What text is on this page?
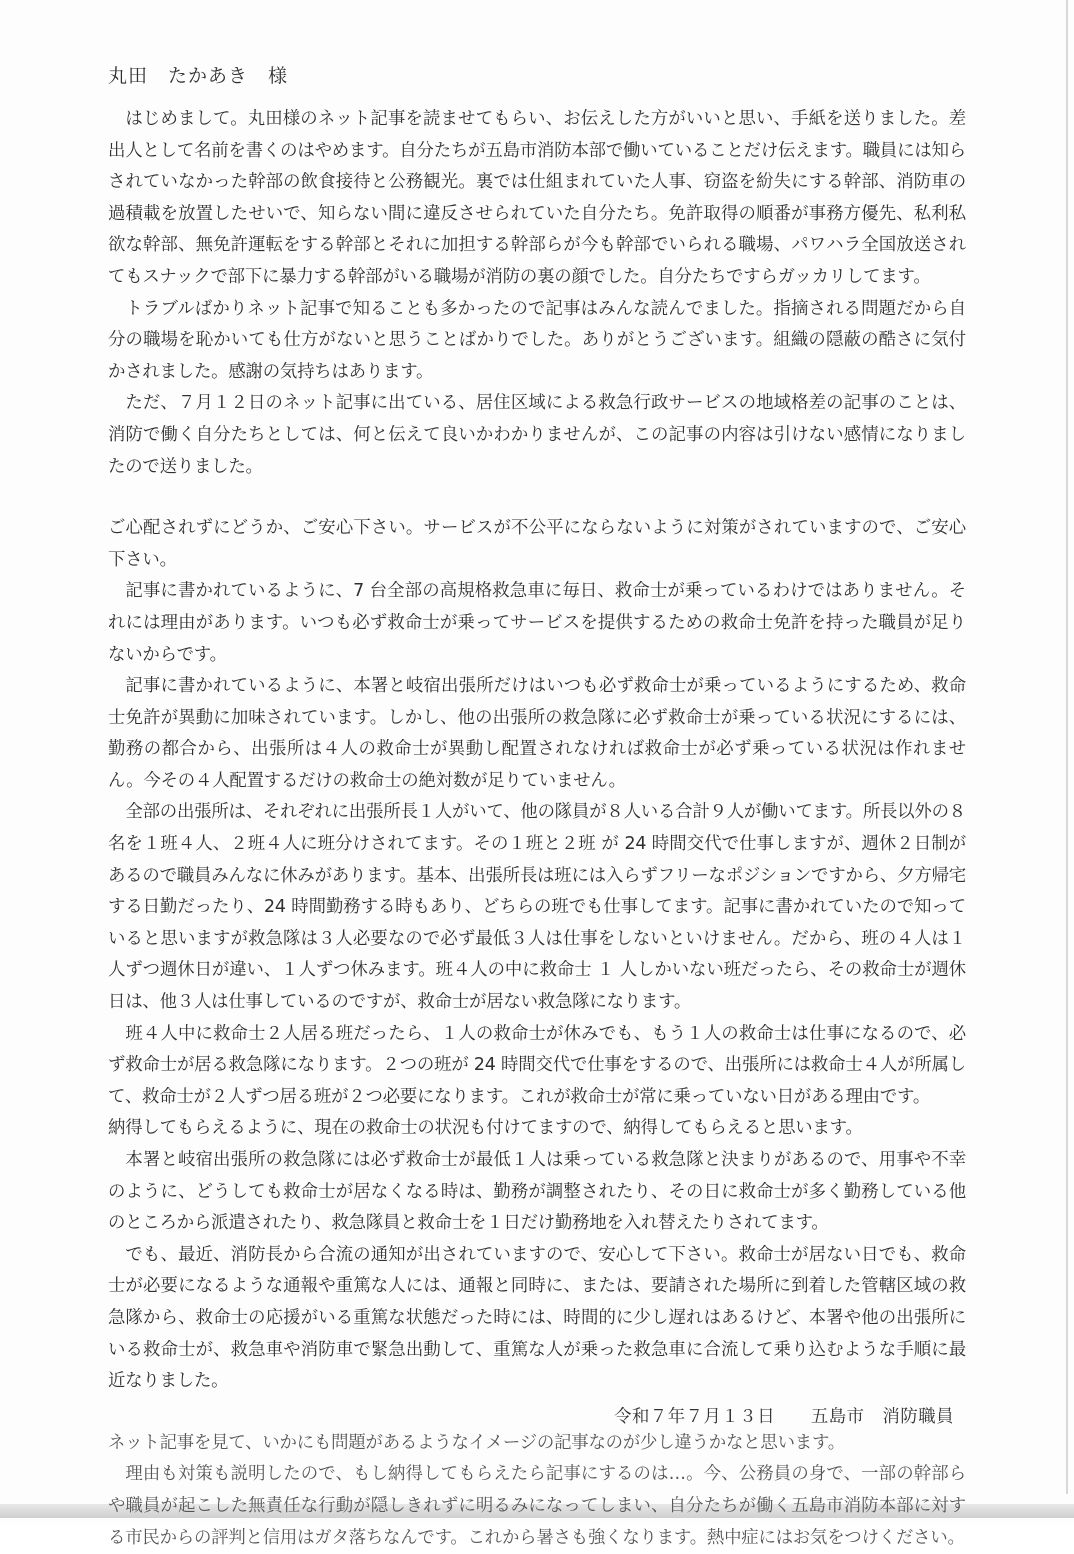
丸田　たかあき　様

はじめまして。丸田様のネット記事を読ませてもらい、お伝えした方がいいと思い、手紙を送りました。差出人として名前を書くのはやめます。自分たちが五島市消防本部で働いていることだけ伝えます。職員には知らされていなかった幹部の飲食接待と公務観光。裏では仕組まれていた人事、窃盗を紛失にする幹部、消防車の過積載を放置したせいで、知らない間に違反させられていた自分たち。免許取得の順番が事務方優先、私利私欲な幹部、無免許運転をする幹部とそれに加担する幹部らが今も幹部でいられる職場、パワハラ全国放送されてもスナックで部下に暴力する幹部がいる職場が消防の裏の顔でした。自分たちですらガッカリしてます。

トラブルばかりネット記事で知ることも多かったので記事はみんな読んでました。指摘される問題だから自分の職場を恥かいても仕方がないと思うことばかりでした。ありがとうございます。組織の隠蔽の酷さに気付かされました。感謝の気持ちはあります。

ただ、７月１２日のネット記事に出ている、居住区域による救急行政サービスの地域格差の記事のことは、消防で働く自分たちとしては、何と伝えて良いかわかりませんが、この記事の内容は引けない感情になりましたので送りました。

ご心配されずにどうか、ご安心下さい。サービスが不公平にならないように対策がされていますので、ご安心下さい。

記事に書かれているように、7 台全部の高規格救急車に毎日、救命士が乗っているわけではありません。それには理由があります。いつも必ず救命士が乗ってサービスを提供するための救命士免許を持った職員が足りないからです。

記事に書かれているように、本署と岐宿出張所だけはいつも必ず救命士が乗っているようにするため、救命士免許が異動に加味されています。しかし、他の出張所の救急隊に必ず救命士が乗っている状況にするには、勤務の都合から、出張所は４人の救命士が異動し配置されなければ救命士が必ず乗っている状況は作れません。今その４人配置するだけの救命士の絶対数が足りていません。

全部の出張所は、それぞれに出張所長１人がいて、他の隊員が８人いる合計９人が働いてます。所長以外の８名を１班４人、２班４人に班分けされてます。その１班と２班 が 24 時間交代で仕事しますが、週休２日制があるので職員みんなに休みがあります。基本、出張所長は班には入らずフリーなポジションですから、夕方帰宅する日勤だったり、24 時間勤務する時もあり、どちらの班でも仕事してます。記事に書かれていたので知っていると思いますが救急隊は３人必要なので必ず最低３人は仕事をしないといけません。だから、班の４人は１人ずつ週休日が違い、１人ずつ休みます。班４人の中に救命士 １ 人しかいない班だったら、その救命士が週休日は、他３人は仕事しているのですが、救命士が居ない救急隊になります。

班４人中に救命士２人居る班だったら、１人の救命士が休みでも、もう１人の救命士は仕事になるので、必ず救命士が居る救急隊になります。２つの班が 24 時間交代で仕事をするので、出張所には救命士４人が所属して、救命士が２人ずつ居る班が２つ必要になります。これが救命士が常に乗っていない日がある理由です。

納得してもらえるように、現在の救命士の状況も付けてますので、納得してもらえると思います。

本署と岐宿出張所の救急隊には必ず救命士が最低１人は乗っている救急隊と決まりがあるので、用事や不幸のように、どうしても救命士が居なくなる時は、勤務が調整されたり、その日に救命士が多く勤務している他のところから派遣されたり、救急隊員と救命士を１日だけ勤務地を入れ替えたりされてます。

でも、最近、消防長から合流の通知が出されていますので、安心して下さい。救命士が居ない日でも、救命士が必要になるような通報や重篤な人には、通報と同時に、または、要請された場所に到着した管轄区域の救急隊から、救命士の応援がいる重篤な状態だった時には、時間的に少し遅れはあるけど、本署や他の出張所にいる救命士が、救急車や消防車で緊急出動して、重篤な人が乗った救急車に合流して乗り込むような手順に最近なりました。

ネット記事を見て、いかにも問題があるようなイメージの記事なのが少し違うかなと思います。

理由も対策も説明したので、もし納得してもらえたら記事にするのは…。今、公務員の身で、一部の幹部らや職員が起こした無責任な行動が隠しきれずに明るみになってしまい、自分たちが働く五島市消防本部に対する市民からの評判と信用はガタ落ちなんです。これから暑さも強くなります。熱中症にはお気をつけください。

令和７年７月１３日　　五島市　消防職員
